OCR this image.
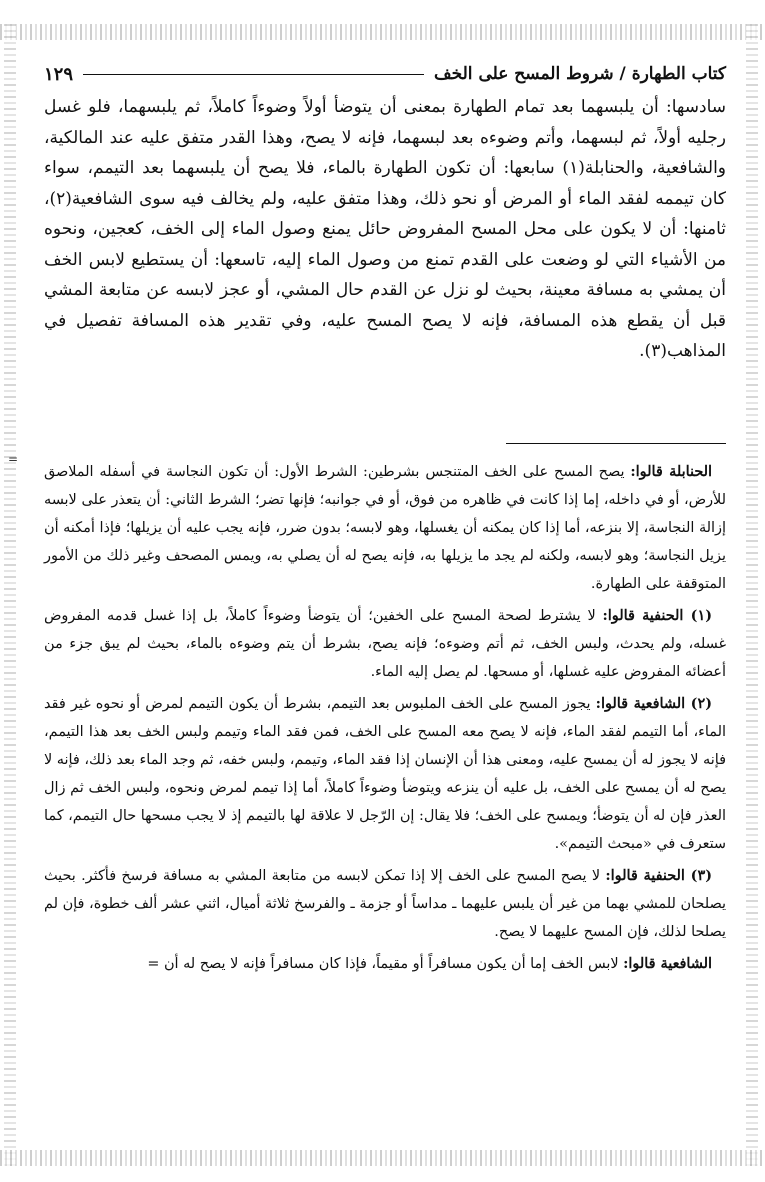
كتاب الطهارة / شروط المسح على الخف
١٢٩

سادسها: أن يلبسهما بعد تمام الطهارة بمعنى أن يتوضأ أولاً وضوءاً كاملاً، ثم يلبسهما، فلو غسل رجليه أولاً، ثم لبسهما، وأتم وضوءه بعد لبسهما، فإنه لا يصح، وهذا القدر متفق عليه عند المالكية، والشافعية، والحنابلة(١) سابعها: أن تكون الطهارة بالماء، فلا يصح أن يلبسهما بعد التيمم، سواء كان تيممه لفقد الماء أو المرض أو نحو ذلك، وهذا متفق عليه، ولم يخالف فيه سوى الشافعية(٢)، ثامنها: أن لا يكون على محل المسح المفروض حائل يمنع وصول الماء إلى الخف، كعجين، ونحوه من الأشياء التي لو وضعت على القدم تمنع من وصول الماء إليه، تاسعها: أن يستطيع لابس الخف أن يمشي به مسافة معينة، بحيث لو نزل عن القدم حال المشي، أو عجز لابسه عن متابعة المشي قبل أن يقطع هذه المسافة، فإنه لا يصح المسح عليه، وفي تقدير هذه المسافة تفصيل في المذاهب(٣).

الحنابلة قالوا: يصح المسح على الخف المتنجس بشرطين: الشرط الأول: أن تكون النجاسة في أسفله الملاصق للأرض، أو في داخله، إما إذا كانت في ظاهره من فوق، أو في جوانبه؛ فإنها تضر؛ الشرط الثاني: أن يتعذر على لابسه إزالة النجاسة، إلا بنزعه، أما إذا كان يمكنه أن يغسلها، وهو لابسه؛ بدون ضرر، فإنه يجب عليه أن يزيلها؛ فإذا أمكنه أن يزيل النجاسة؛ وهو لابسه، ولكنه لم يجد ما يزيلها به، فإنه يصح له أن يصلي به، ويمس المصحف وغير ذلك من الأمور المتوقفة على الطهارة.

(١) الحنفية قالوا: لا يشترط لصحة المسح على الخفين؛ أن يتوضأ وضوءاً كاملاً، بل إذا غسل قدمه المفروض غسله، ولم يحدث، ولبس الخف، ثم أتم وضوءه؛ فإنه يصح، بشرط أن يتم وضوءه بالماء، بحيث لم يبق جزء من أعضائه المفروض عليه غسلها، أو مسحها. لم يصل إليه الماء.

(٢) الشافعية قالوا: يجوز المسح على الخف الملبوس بعد التيمم، بشرط أن يكون التيمم لمرض أو نحوه غير فقد الماء، أما التيمم لفقد الماء، فإنه لا يصح معه المسح على الخف، فمن فقد الماء وتيمم ولبس الخف بعد هذا التيمم، فإنه لا يجوز له أن يمسح عليه، ومعنى هذا أن الإنسان إذا فقد الماء، وتيمم، ولبس خفه، ثم وجد الماء بعد ذلك، فإنه لا يصح له أن يمسح على الخف، بل عليه أن ينزعه ويتوضأ وضوءاً كاملاً، أما إذا تيمم لمرض ونحوه، ولبس الخف ثم زال العذر فإن له أن يتوضأ؛ ويمسح على الخف؛ فلا يقال: إن الرّجل لا علاقة لها بالتيمم إذ لا يجب مسحها حال التيمم، كما ستعرف في «مبحث التيمم».

(٣) الحنفية قالوا: لا يصح المسح على الخف إلا إذا تمكن لابسه من متابعة المشي به مسافة فرسخ فأكثر. بحيث يصلحان للمشي بهما من غير أن يلبس عليهما ـ مداساً أو جزمة ـ والفرسخ ثلاثة أميال، اثني عشر ألف خطوة، فإن لم يصلحا لذلك، فإن المسح عليهما لا يصح.

الشافعية قالوا: لابس الخف إما أن يكون مسافراً أو مقيماً، فإذا كان مسافراً فإنه لا يصح له أن =

=
